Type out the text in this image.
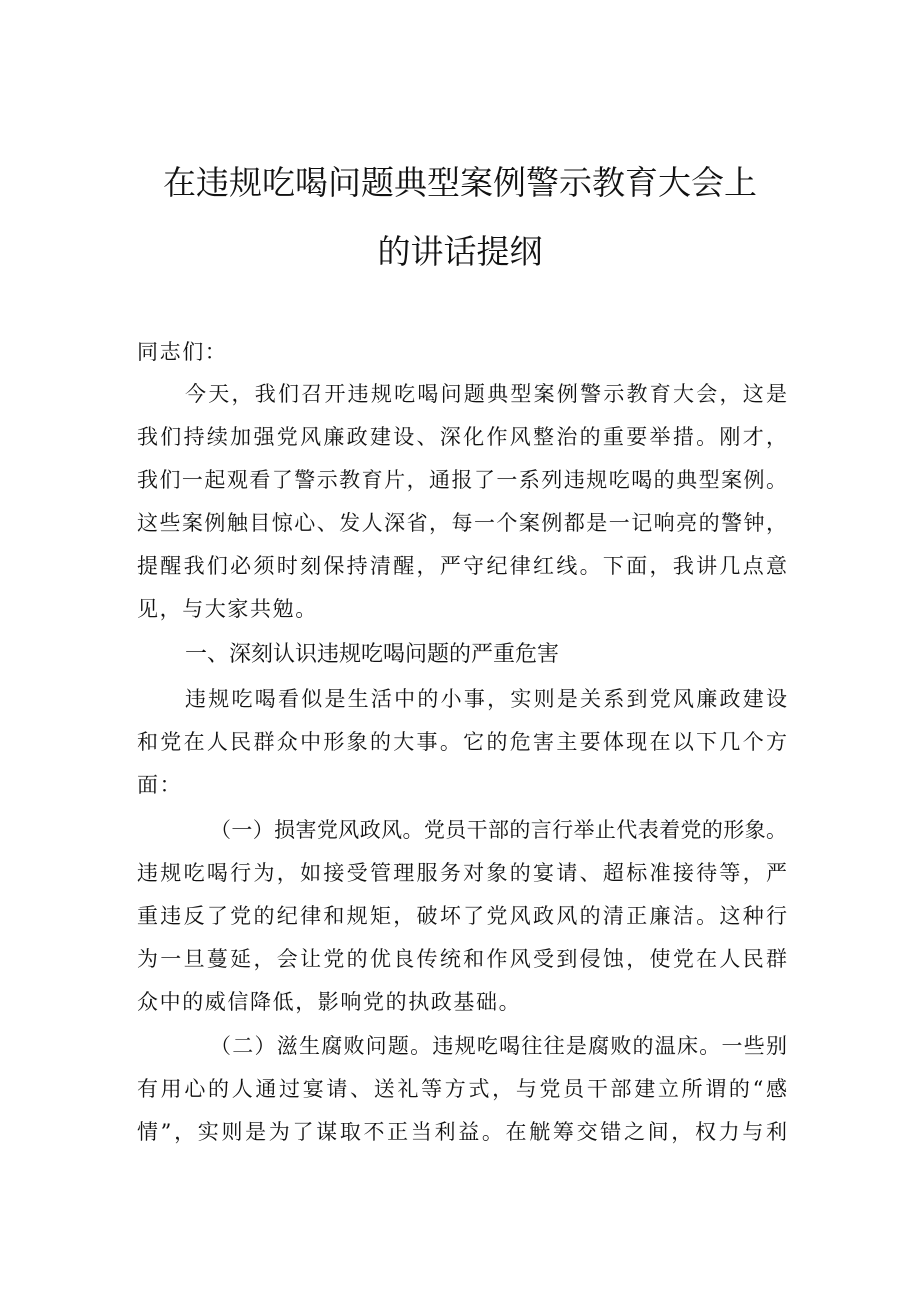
在违规吃喝问题典型案例警示教育大会上
的讲话提纲
同志们：
今天，我们召开违规吃喝问题典型案例警示教育大会，这是
我们持续加强党风廉政建设、深化作风整治的重要举措。刚才，
我们一起观看了警示教育片，通报了一系列违规吃喝的典型案例。
这些案例触目惊心、发人深省，每一个案例都是一记响亮的警钟，
提醒我们必须时刻保持清醒，严守纪律红线。下面，我讲几点意
见，与大家共勉。
一、深刻认识违规吃喝问题的严重危害
违规吃喝看似是生活中的小事，实则是关系到党风廉政建设
和党在人民群众中形象的大事。它的危害主要体现在以下几个方
面：
（一）损害党风政风。党员干部的言行举止代表着党的形象。
违规吃喝行为，如接受管理服务对象的宴请、超标准接待等，严
重违反了党的纪律和规矩，破坏了党风政风的清正廉洁。这种行
为一旦蔓延，会让党的优良传统和作风受到侵蚀，使党在人民群
众中的威信降低，影响党的执政基础。
（二）滋生腐败问题。违规吃喝往往是腐败的温床。一些别
有用心的人通过宴请、送礼等方式，与党员干部建立所谓的“感
情”，实则是为了谋取不正当利益。在觥筹交错之间，权力与利
